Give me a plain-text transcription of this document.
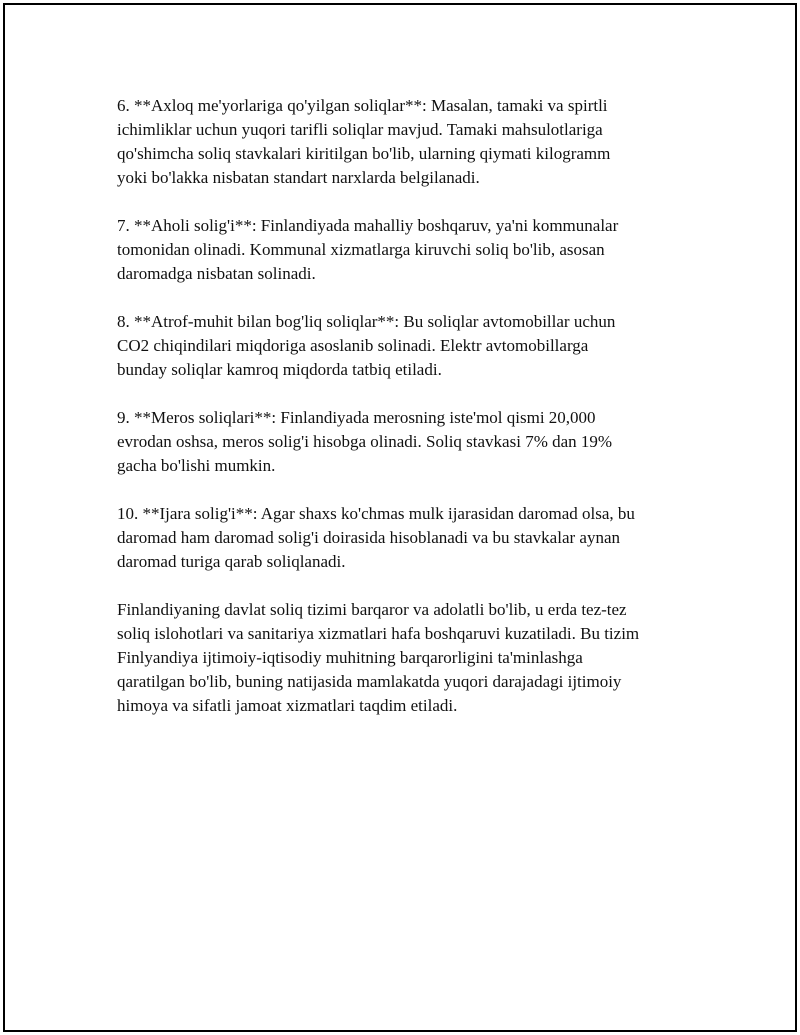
6. **Axloq me'yorlariga qo'yilgan soliqlar**: Masalan, tamaki va spirtli
ichimliklar uchun yuqori tarifli soliqlar mavjud. Tamaki mahsulotlariga
qo'shimcha soliq stavkalari kiritilgan bo'lib, ularning qiymati kilogramm
yoki bo'lakka nisbatan standart narxlarda belgilanadi.

7. **Aholi solig'i**: Finlandiyada mahalliy boshqaruv, ya'ni kommunalar
tomonidan olinadi. Kommunal xizmatlarga kiruvchi soliq bo'lib, asosan
daromadga nisbatan solinadi.

8. **Atrof-muhit bilan bog'liq soliqlar**: Bu soliqlar avtomobillar uchun
CO2 chiqindilari miqdoriga asoslanib solinadi. Elektr avtomobillarga
bunday soliqlar kamroq miqdorda tatbiq etiladi.

9. **Meros soliqlari**: Finlandiyada merosning iste'mol qismi 20,000
evrodan oshsa, meros solig'i hisobga olinadi. Soliq stavkasi 7% dan 19%
gacha bo'lishi mumkin.

10. **Ijara solig'i**: Agar shaxs ko'chmas mulk ijarasidan daromad olsa, bu
daromad ham daromad solig'i doirasida hisoblanadi va bu stavkalar aynan
daromad turiga qarab soliqlanadi.

Finlandiyaning davlat soliq tizimi barqaror va adolatli bo'lib, u erda tez-tez
soliq islohotlari va sanitariya xizmatlari hafa boshqaruvi kuzatiladi. Bu tizim
Finlyandiya ijtimoiy-iqtisodiy muhitning barqarorligini ta'minlashga
qaratilgan bo'lib, buning natijasida mamlakatda yuqori darajadagi ijtimoiy
himoya va sifatli jamoat xizmatlari taqdim etiladi.
